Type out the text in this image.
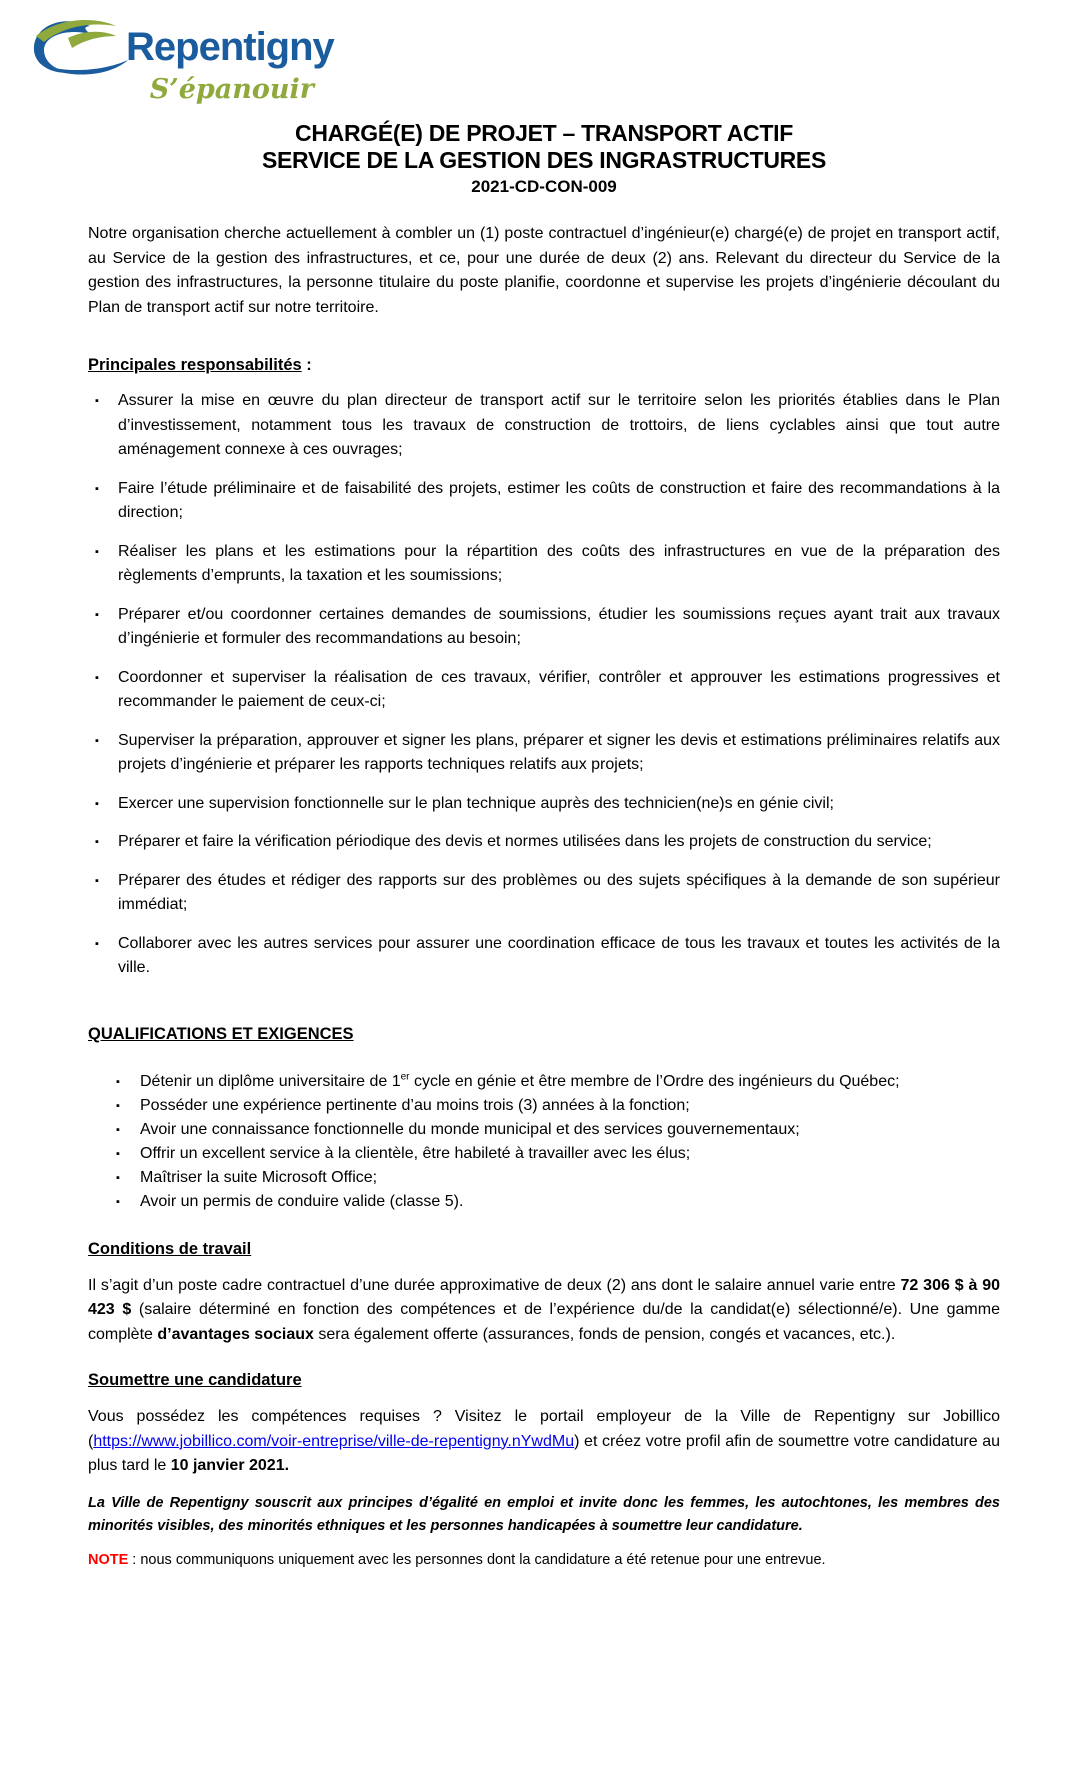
Repentigny
S’épanouir
CHARGÉ(E) DE PROJET – TRANSPORT ACTIF
SERVICE DE LA GESTION DES INGRASTRUCTURES
2021-CD-CON-009

Notre organisation cherche actuellement à combler un (1) poste contractuel d’ingénieur(e) chargé(e) de projet en transport actif, au Service de la gestion des infrastructures, et ce, pour une durée de deux (2) ans. Relevant du directeur du Service de la gestion des infrastructures, la personne titulaire du poste planifie, coordonne et supervise les projets d’ingénierie découlant du Plan de transport actif sur notre territoire.

Principales responsabilités :
▪ Assurer la mise en œuvre du plan directeur de transport actif sur le territoire selon les priorités établies dans le Plan d’investissement, notamment tous les travaux de construction de trottoirs, de liens cyclables ainsi que tout autre aménagement connexe à ces ouvrages;
▪ Faire l’étude préliminaire et de faisabilité des projets, estimer les coûts de construction et faire des recommandations à la direction;
▪ Réaliser les plans et les estimations pour la répartition des coûts des infrastructures en vue de la préparation des règlements d’emprunts, la taxation et les soumissions;
▪ Préparer et/ou coordonner certaines demandes de soumissions, étudier les soumissions reçues ayant trait aux travaux d’ingénierie et formuler des recommandations au besoin;
▪ Coordonner et superviser la réalisation de ces travaux, vérifier, contrôler et approuver les estimations progressives et recommander le paiement de ceux-ci;
▪ Superviser la préparation, approuver et signer les plans, préparer et signer les devis et estimations préliminaires relatifs aux projets d’ingénierie et préparer les rapports techniques relatifs aux projets;
▪ Exercer une supervision fonctionnelle sur le plan technique auprès des technicien(ne)s en génie civil;
▪ Préparer et faire la vérification périodique des devis et normes utilisées dans les projets de construction du service;
▪ Préparer des études et rédiger des rapports sur des problèmes ou des sujets spécifiques à la demande de son supérieur immédiat;
▪ Collaborer avec les autres services pour assurer une coordination efficace de tous les travaux et toutes les activités de la ville.
QUALIFICATIONS ET EXIGENCES
▪ Détenir un diplôme universitaire de 1er cycle en génie et être membre de l’Ordre des ingénieurs du Québec;
▪ Posséder une expérience pertinente d’au moins trois (3) années à la fonction;
▪ Avoir une connaissance fonctionnelle du monde municipal et des services gouvernementaux;
▪ Offrir un excellent service à la clientèle, être habileté à travailler avec les élus;
▪ Maîtriser la suite Microsoft Office;
▪ Avoir un permis de conduire valide (classe 5).
Conditions de travail

Il s’agit d’un poste cadre contractuel d’une durée approximative de deux (2) ans dont le salaire annuel varie entre 72 306 $ à 90 423 $ (salaire déterminé en fonction des compétences et de l’expérience du/de la candidat(e) sélectionné/e). Une gamme complète d’avantages sociaux sera également offerte (assurances, fonds de pension, congés et vacances, etc.).

Soumettre une candidature

Vous possédez les compétences requises ? Visitez le portail employeur de la Ville de Repentigny sur Jobillico (https://www.jobillico.com/voir-entreprise/ville-de-repentigny.nYwdMu) et créez votre profil afin de soumettre votre candidature au plus tard le 10 janvier 2021.

La Ville de Repentigny souscrit aux principes d’égalité en emploi et invite donc les femmes, les autochtones, les membres des minorités visibles, des minorités ethniques et les personnes handicapées à soumettre leur candidature.

NOTE : nous communiquons uniquement avec les personnes dont la candidature a été retenue pour une entrevue.
